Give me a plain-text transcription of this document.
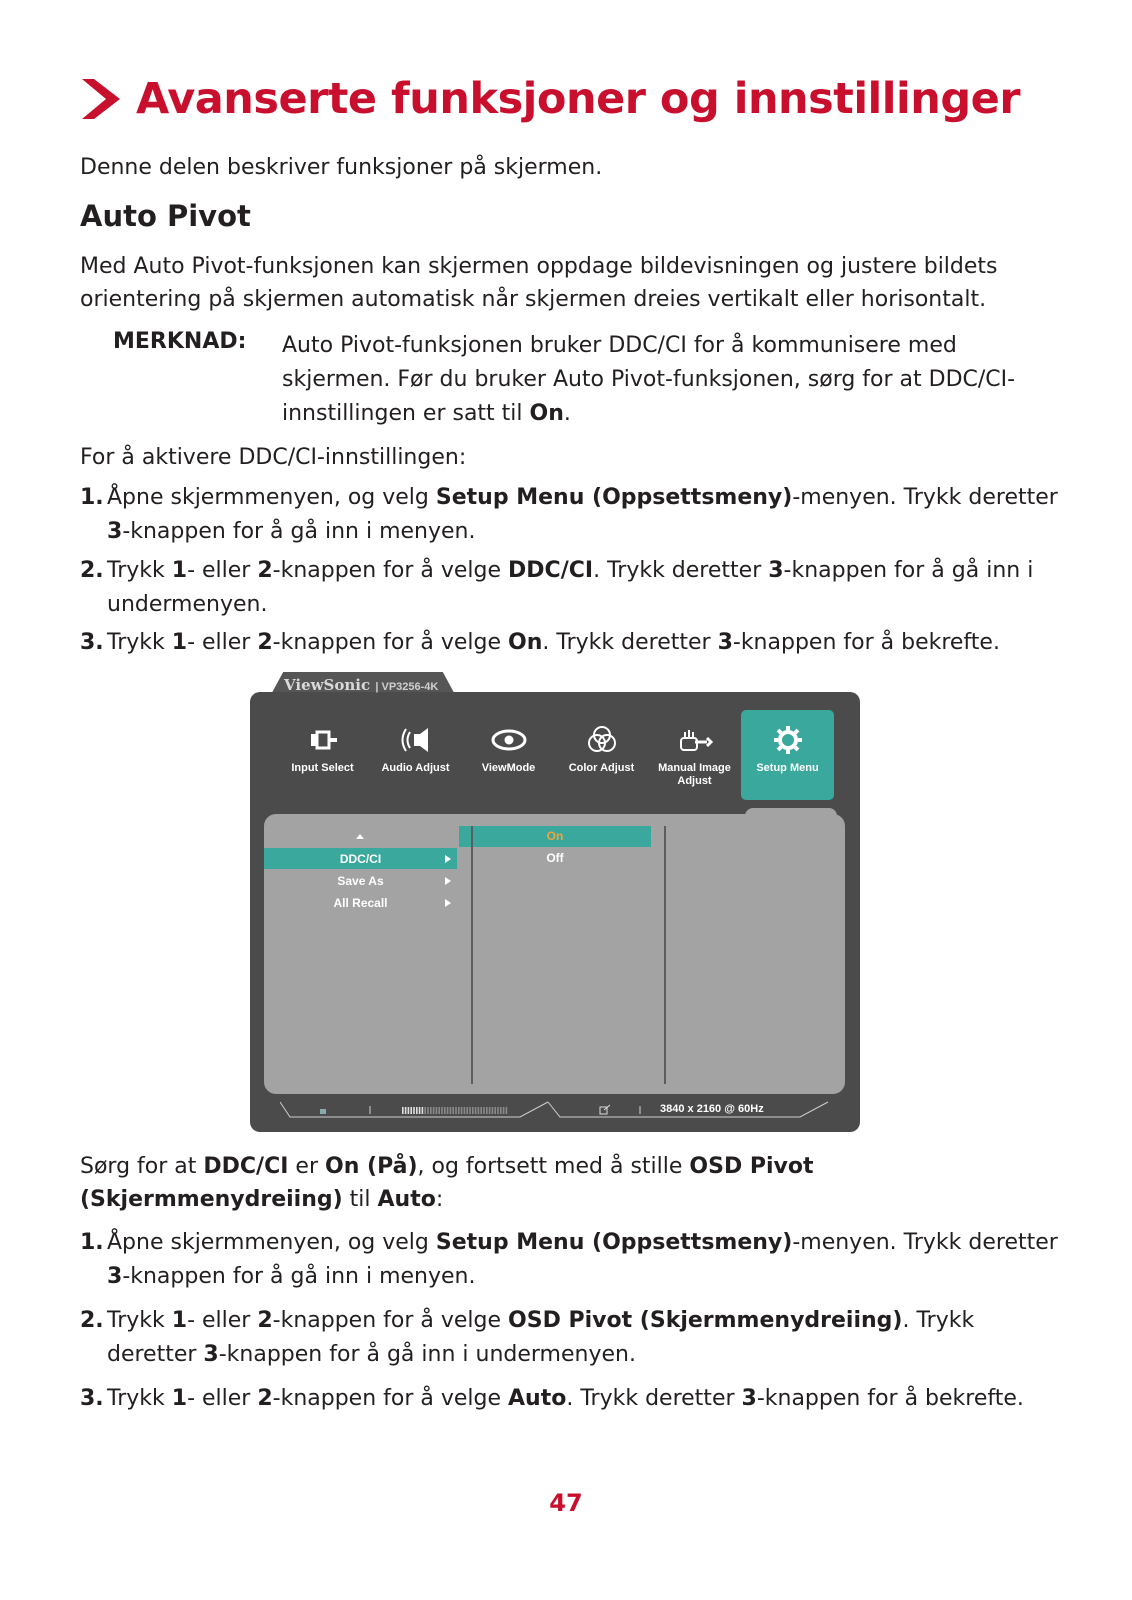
Avanserte funksjoner og innstillinger
Denne delen beskriver funksjoner på skjermen.
Auto Pivot
Med Auto Pivot-funksjonen kan skjermen oppdage bildevisningen og justere bildets orientering på skjermen automatisk når skjermen dreies vertikalt eller horisontalt.
MERKNAD: Auto Pivot-funksjonen bruker DDC/CI for å kommunisere med skjermen. Før du bruker Auto Pivot-funksjonen, sørg for at DDC/CI-innstillingen er satt til On.
For å aktivere DDC/CI-innstillingen:
1. Åpne skjermmenyen, og velg Setup Menu (Oppsettsmeny)-menyen. Trykk deretter 3-knappen for å gå inn i menyen.
2. Trykk 1- eller 2-knappen for å velge DDC/CI. Trykk deretter 3-knappen for å gå inn i undermenyen.
3. Trykk 1- eller 2-knappen for å velge On. Trykk deretter 3-knappen for å bekrefte.
Input Select	Audio Adjust	ViewMode	Color Adjust	Manual Image Adjust
Setup Menu
DDC/CI
Save As
All Recall
On
Off
3840 x 2160 @ 60Hz
ViewSonic | VP3256-4K
Sørg for at DDC/CI er On (På), og fortsett med å stille OSD Pivot (Skjermmenydreiing) til Auto:
1. Åpne skjermmenyen, og velg Setup Menu (Oppsettsmeny)-menyen. Trykk deretter 3-knappen for å gå inn i menyen.
2. Trykk 1- eller 2-knappen for å velge OSD Pivot (Skjermmenydreiing). Trykk deretter 3-knappen for å gå inn i undermenyen.
3. Trykk 1- eller 2-knappen for å velge Auto. Trykk deretter 3-knappen for å bekrefte.
47
